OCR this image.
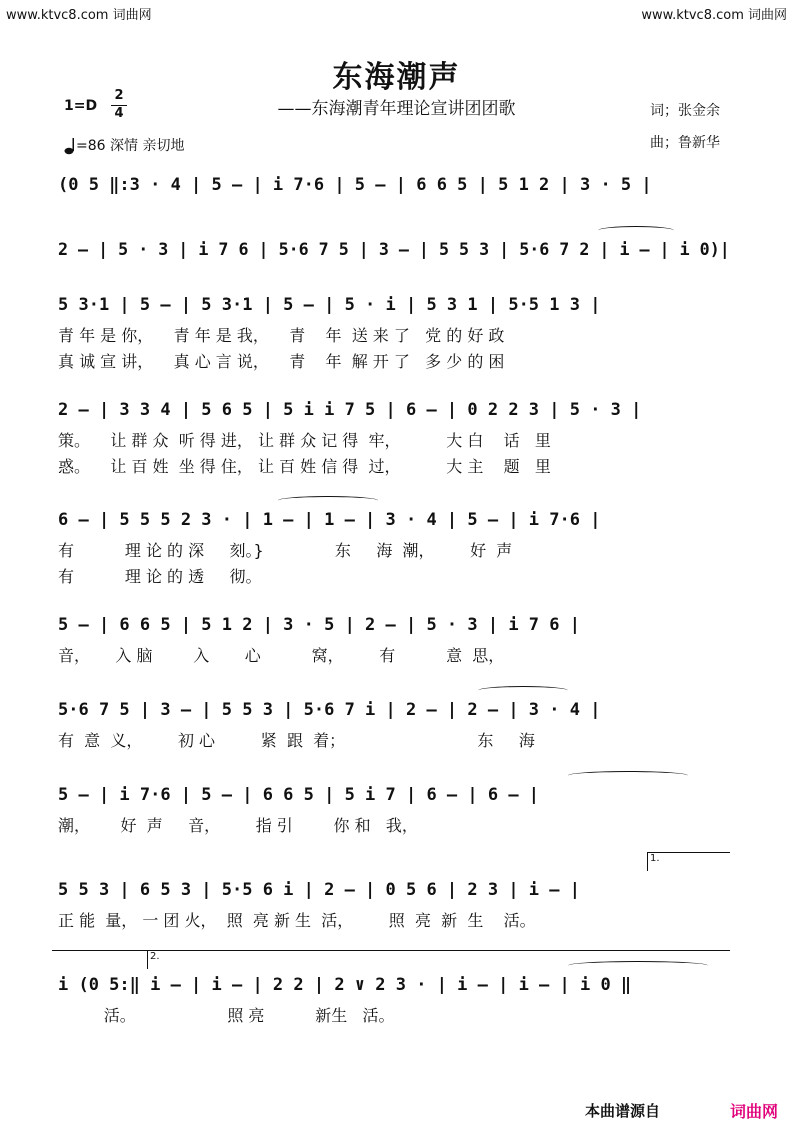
www.ktvc8.com 词曲网	www.ktvc8.com 词曲网
东海潮声
——东海潮青年理论宣讲团团歌
1=D
2
4
=86 深情 亲切地
词；张金余
曲；鲁新华
(0 5 ‖:3 · 4 | 5 – | i 7·6 | 5 – | 6 6 5 | 5 1 2 | 3 · 5 |
2 – | 5 · 3 | i 7 6 | 5·6 7 5 | 3 – | 5 5 3 | 5·6 7 2 | i – | i 0)|
5 3·1 | 5 – | 5 3·1 | 5 – | 5 · i | 5 3 1 | 5·5 1 3 |
青 年 是 你，    青 年 是 我，    青    年  送 来 了   党 的 好 政
真 诚 宣 讲，    真 心 言 说，    青    年  解 开 了   多 少 的 困
2 – | 3 3 4 | 5 6 5 | 5 i i 7 5 | 6 – | 0 2 2 3 | 5 · 3 |
策。    让 群 众  听 得 进， 让 群 众 记 得  牢，         大 白    话   里
惑。    让 百 姓  坐 得 住， 让 百 姓 信 得  过，         大 主    题   里
6 – | 5 5 5 2 3 · | 1 – | 1 – | 3 · 4 | 5 – | i 7·6 |
有          理 论 的 深     刻。}              东     海  潮，       好  声
有          理 论 的 透     彻。
5 – | 6 6 5 | 5 1 2 | 3 · 5 | 2 – | 5 · 3 | i 7 6 |
音，     入 脑        入       心          窝，       有          意  思，
5·6 7 5 | 3 – | 5 5 3 | 5·6 7 i | 2 – | 2 – | 3 · 4 |
有  意  义，       初 心         紧  跟  着；                          东     海
5 – | i 7·6 | 5 – | 6 6 5 | 5 i 7 | 6 – | 6 – |
潮，      好  声     音，       指 引        你 和   我，
1.
5 5 3 | 6 5 3 | 5·5 6 i | 2 – | 0 5 6 | 2 3 | i – |
正 能  量， 一 团 火，  照  亮 新 生  活，       照  亮  新  生    活。
2.
i (0 5:‖ i – | i – | 2 2 | 2 ∨ 2 3 · | i – | i – | i 0 ‖
活。                  照 亮          新生   活。
本曲谱源自	词曲网
